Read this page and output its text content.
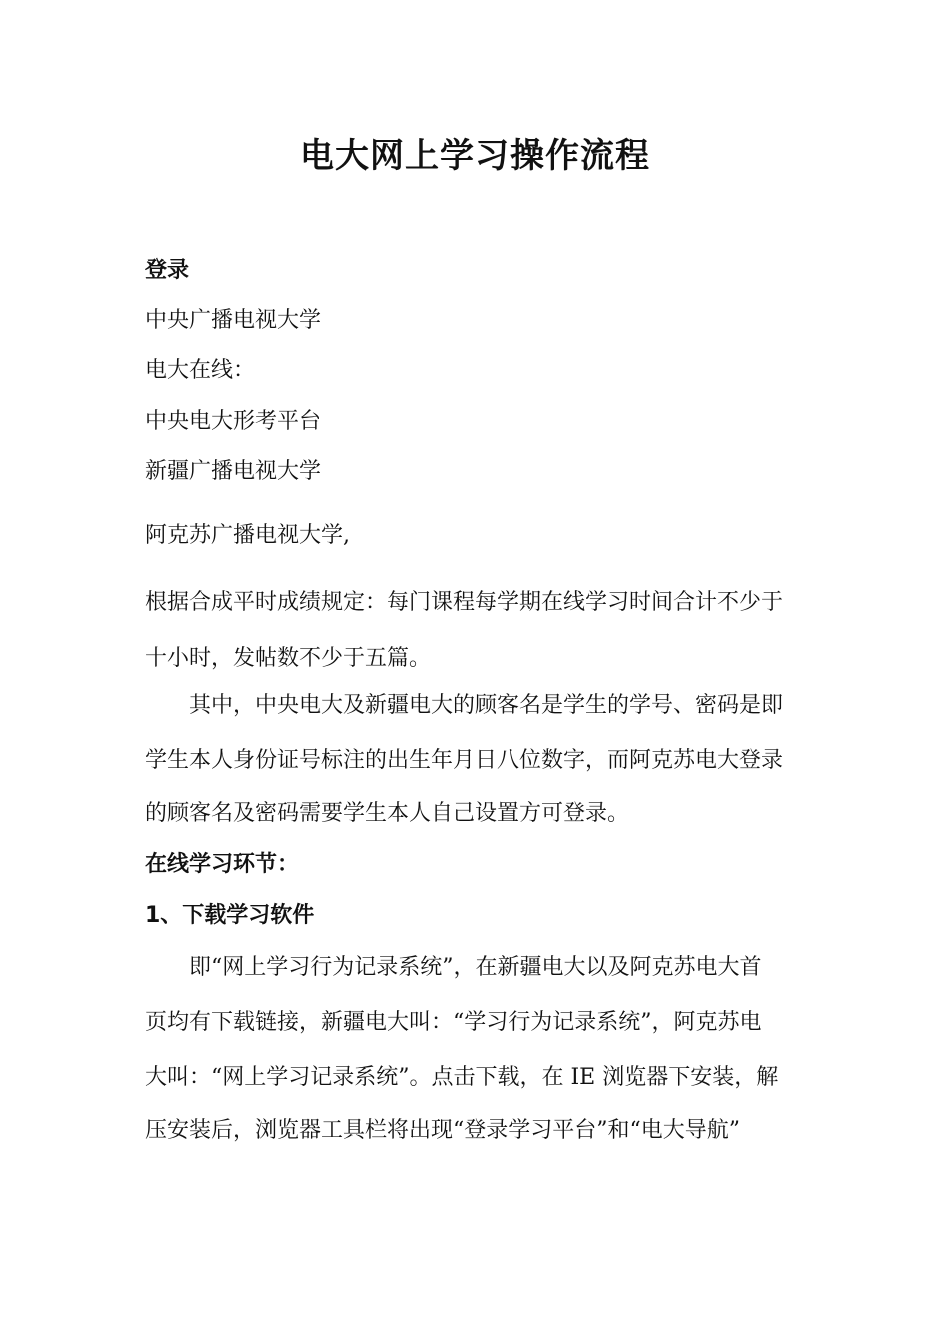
电大网上学习操作流程
登录
中央广播电视大学
电大在线：
中央电大形考平台
新疆广播电视大学
阿克苏广播电视大学,
根据合成平时成绩规定：每门课程每学期在线学习时间合计不少于
十小时，发帖数不少于五篇。
其中，中央电大及新疆电大的顾客名是学生的学号、密码是即
学生本人身份证号标注的出生年月日八位数字，而阿克苏电大登录
的顾客名及密码需要学生本人自己设置方可登录。
在线学习环节：
1、下载学习软件
即“网上学习行为记录系统”，在新疆电大以及阿克苏电大首
页均有下载链接，新疆电大叫：“学习行为记录系统”，阿克苏电
大叫：“网上学习记录系统”。点击下载，在 IE 浏览器下安装，解
压安装后，浏览器工具栏将出现“登录学习平台”和“电大导航”
